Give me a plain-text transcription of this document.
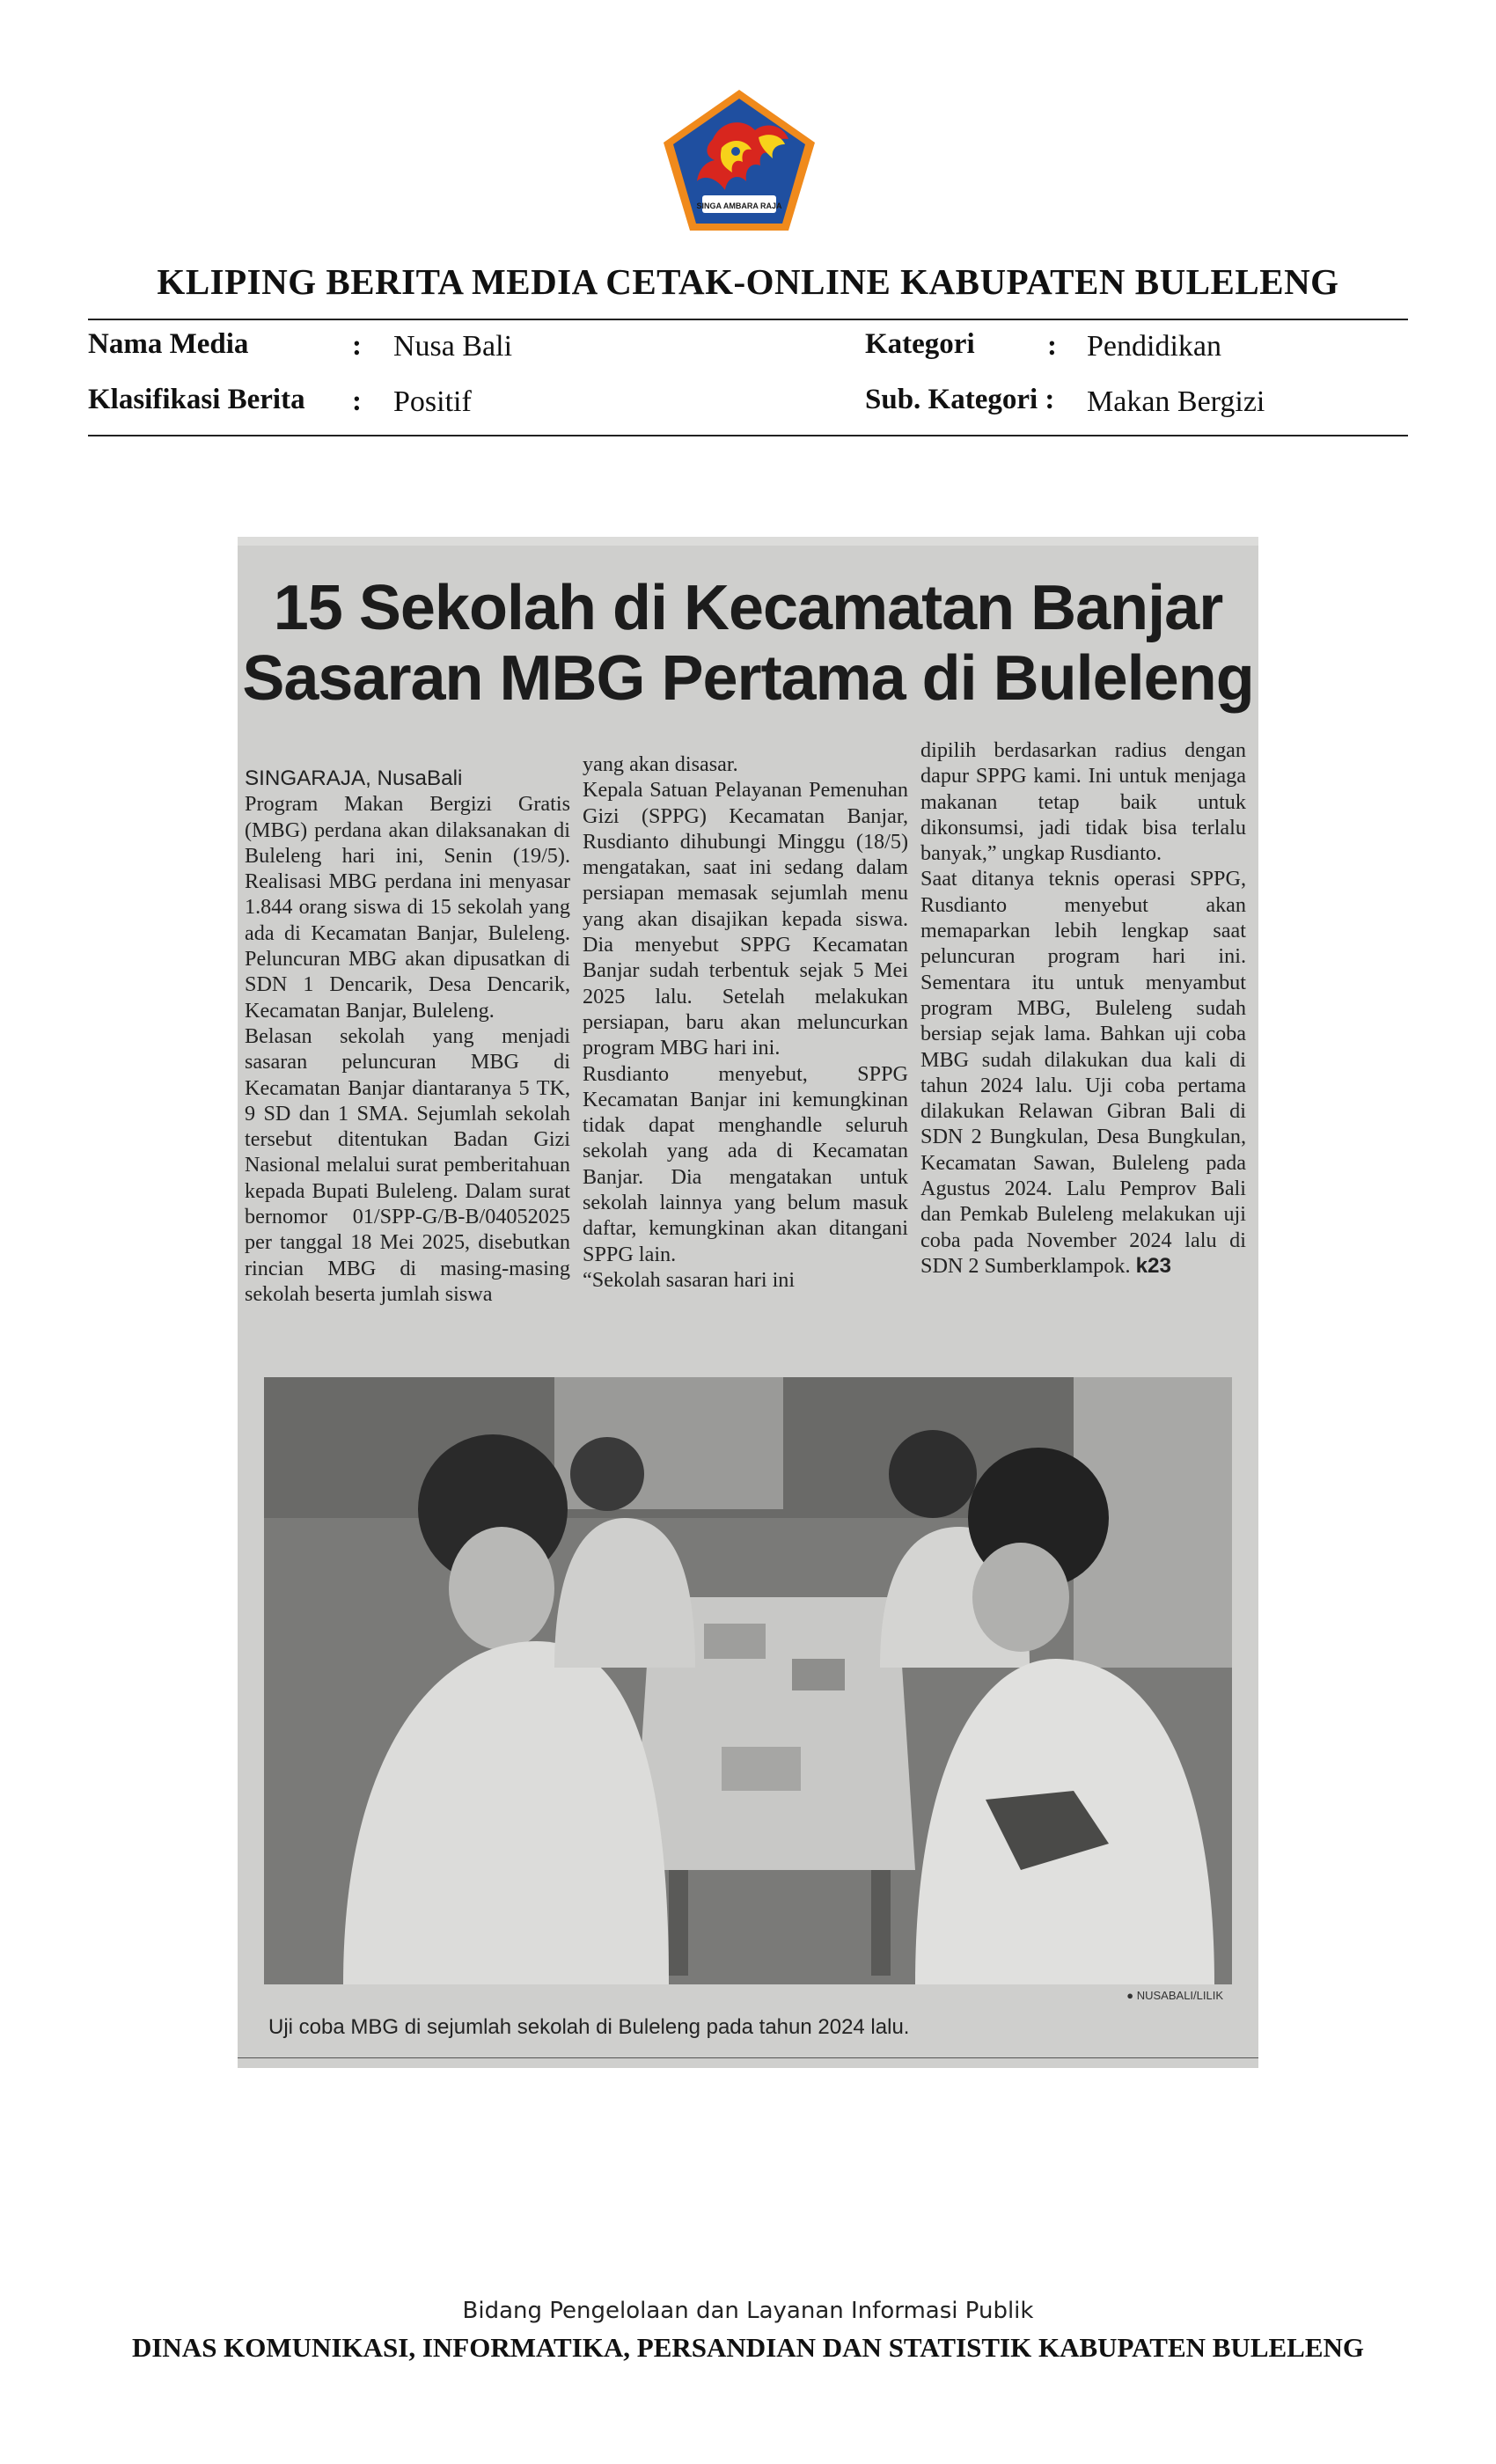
SINGA AMBARA RAJA
KLIPING BERITA MEDIA CETAK-ONLINE KABUPATEN BULELENG
Nama Media	: Nusa Bali	Kategori : Pendidikan
Klasifikasi Berita : Positif	Sub. Kategori : Makan Bergizi
15 Sekolah di Kecamatan Banjar
Sasaran MBG Pertama di Buleleng
SINGARAJA, NusaBali
Program Makan Bergizi Gratis (MBG) perdana akan dilaksanakan di Buleleng hari ini, Senin (19/5). Realisasi MBG perdana ini menyasar 1.844 orang siswa di 15 sekolah yang ada di Kecamatan Banjar, Buleleng. Peluncuran MBG akan dipusatkan di SDN 1 Dencarik, Desa Dencarik, Kecamatan Banjar, Buleleng.
Belasan sekolah yang menjadi sasaran peluncuran MBG di Kecamatan Banjar diantaranya 5 TK, 9 SD dan 1 SMA. Sejumlah sekolah tersebut ditentukan Badan Gizi Nasional melalui surat pemberitahuan kepada Bupati Buleleng. Dalam surat bernomor 01/SPP-G/B-B/04052025 per tanggal 18 Mei 2025, disebutkan rincian MBG di masing-masing sekolah beserta jumlah siswa
yang akan disasar.
Kepala Satuan Pelayanan Pemenuhan Gizi (SPPG) Kecamatan Banjar, Rusdianto dihubungi Minggu (18/5) mengatakan, saat ini sedang dalam persiapan memasak sejumlah menu yang akan disajikan kepada siswa. Dia menyebut SPPG Kecamatan Banjar sudah terbentuk sejak 5 Mei 2025 lalu. Setelah melakukan persiapan, baru akan meluncurkan program MBG hari ini.
Rusdianto menyebut, SPPG Kecamatan Banjar ini kemungkinan tidak dapat menghandle seluruh sekolah yang ada di Kecamatan Banjar. Dia mengatakan untuk sekolah lainnya yang belum masuk daftar, kemungkinan akan ditangani SPPG lain.
“Sekolah sasaran hari ini
dipilih berdasarkan radius dengan dapur SPPG kami. Ini untuk menjaga makanan tetap baik untuk dikonsumsi, jadi tidak bisa terlalu banyak,” ungkap Rusdianto.
Saat ditanya teknis operasi SPPG, Rusdianto menyebut akan memaparkan lebih lengkap saat peluncuran program hari ini. Sementara itu untuk menyambut program MBG, Buleleng sudah bersiap sejak lama. Bahkan uji coba MBG sudah dilakukan dua kali di tahun 2024 lalu. Uji coba pertama dilakukan Relawan Gibran Bali di SDN 2 Bungkulan, Desa Bungkulan, Kecamatan Sawan, Buleleng pada Agustus 2024. Lalu Pemprov Bali dan Pemkab Buleleng melakukan uji coba pada November 2024 lalu di SDN 2 Sumberklampok. k23
● NUSABALI/LILIK
Uji coba MBG di sejumlah sekolah di Buleleng pada tahun 2024 lalu.
Bidang Pengelolaan dan Layanan Informasi Publik
DINAS KOMUNIKASI, INFORMATIKA, PERSANDIAN DAN STATISTIK KABUPATEN BULELENG
